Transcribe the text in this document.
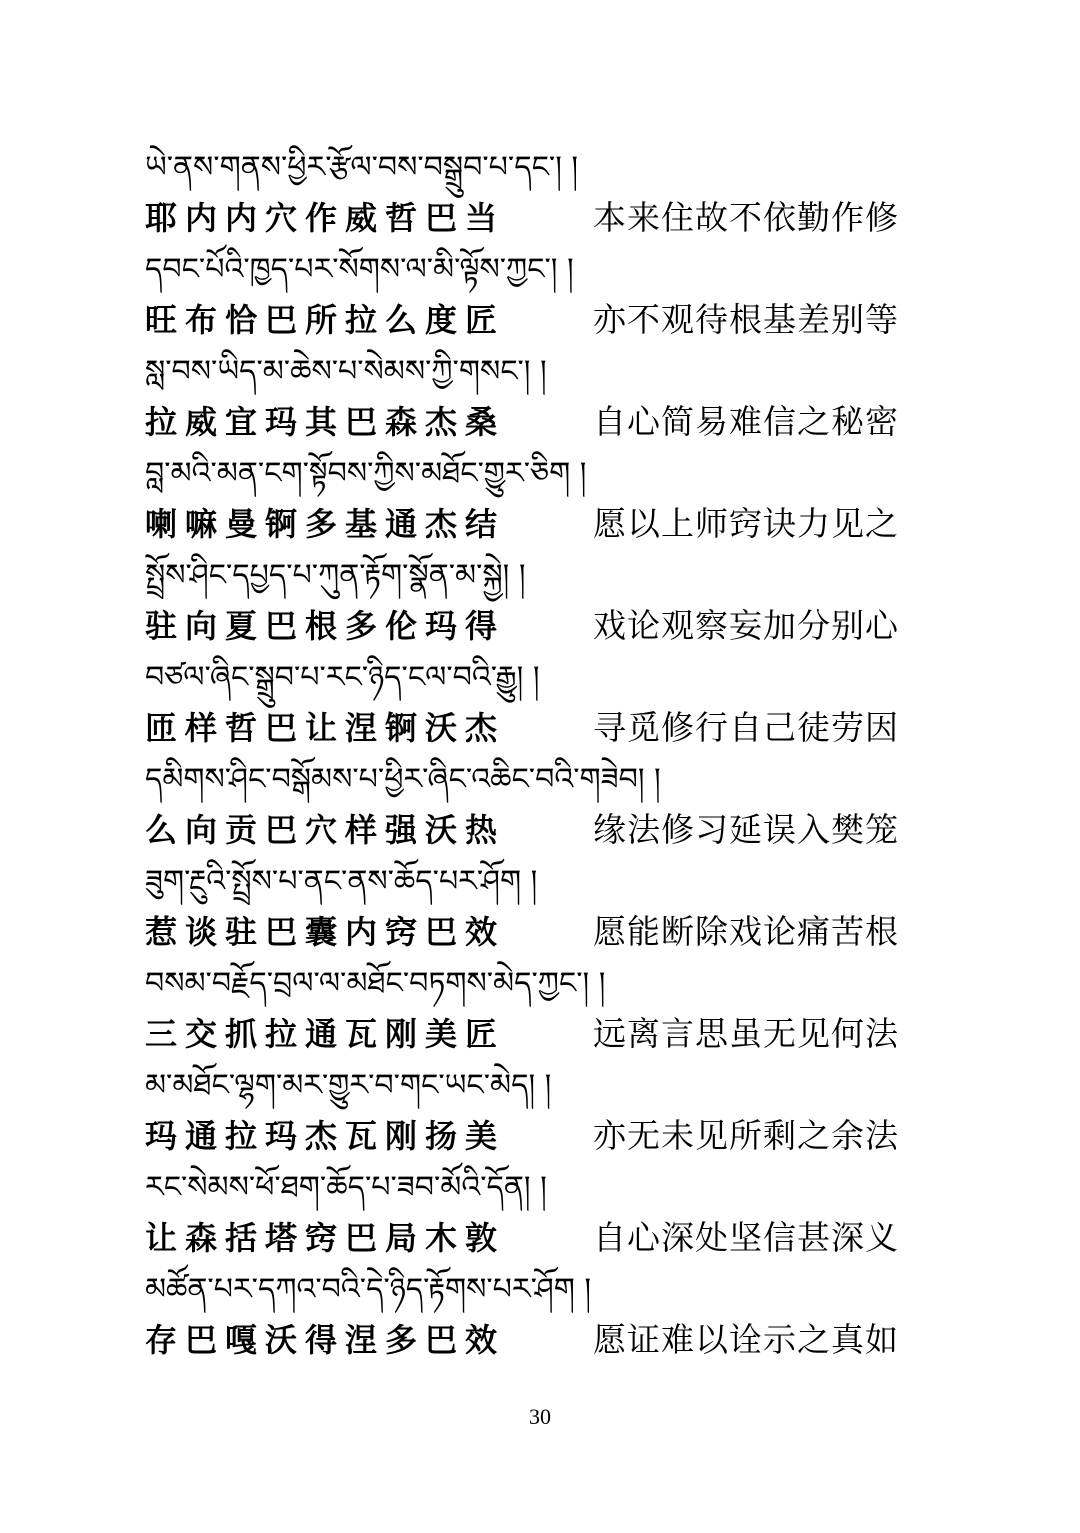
ཡེ་ནས་གནས་ཕྱིར་རྩོལ་བས་བསྒྲུབ་པ་དང་། །
耶内内穴作威哲巴当	本来住故不依勤作修
དབང་པོའི་ཁྱད་པར་སོགས་ལ་མི་ལྟོས་ཀྱང་། །
旺布恰巴所拉么度匠	亦不观待根基差别等
སླ་བས་ཡིད་མ་ཆེས་པ་སེམས་ཀྱི་གསང་། །
拉威宜玛其巴森杰桑	自心简易难信之秘密
བླ་མའི་མན་ངག་སྟོབས་ཀྱིས་མཐོང་གྱུར་ཅིག །
喇嘛曼锕多基通杰结	愿以上师窍诀力见之
སྤྲོས་ཤིང་དཔྱད་པ་ཀུན་རྟོག་སྣོན་མ་སྐྱེ། །
驻向夏巴根多伦玛得	戏论观察妄加分别心
བཙལ་ཞིང་སྒྲུབ་པ་རང་ཉིད་ངལ་བའི་རྒྱུ། །
匝样哲巴让涅锕沃杰	寻觅修行自己徒劳因
དམིགས་ཤིང་བསྒོམས་པ་ཕྱིར་ཞིང་འཆིང་བའི་གཟེབ། །
么向贡巴穴样强沃热	缘法修习延误入樊笼
ཟུག་རྔུའི་སྤྲོས་པ་ནང་ནས་ཆོད་པར་ཤོག །
惹谈驻巴囊内窍巴效	愿能断除戏论痛苦根
བསམ་བརྗོད་བྲལ་ལ་མཐོང་བཏགས་མེད་ཀྱང་། །
三交抓拉通瓦刚美匠	远离言思虽无见何法
མ་མཐོང་ལྷག་མར་གྱུར་བ་གང་ཡང་མེད། །
玛通拉玛杰瓦刚扬美	亦无未见所剩之余法
རང་སེམས་ཕོ་ཐག་ཆོད་པ་ཟབ་མོའི་དོན། །
让森括塔窍巴局木敦	自心深处坚信甚深义
མཚོན་པར་དཀའ་བའི་དེ་ཉིད་རྟོགས་པར་ཤོག །
存巴嘎沃得涅多巴效	愿证难以诠示之真如
30
